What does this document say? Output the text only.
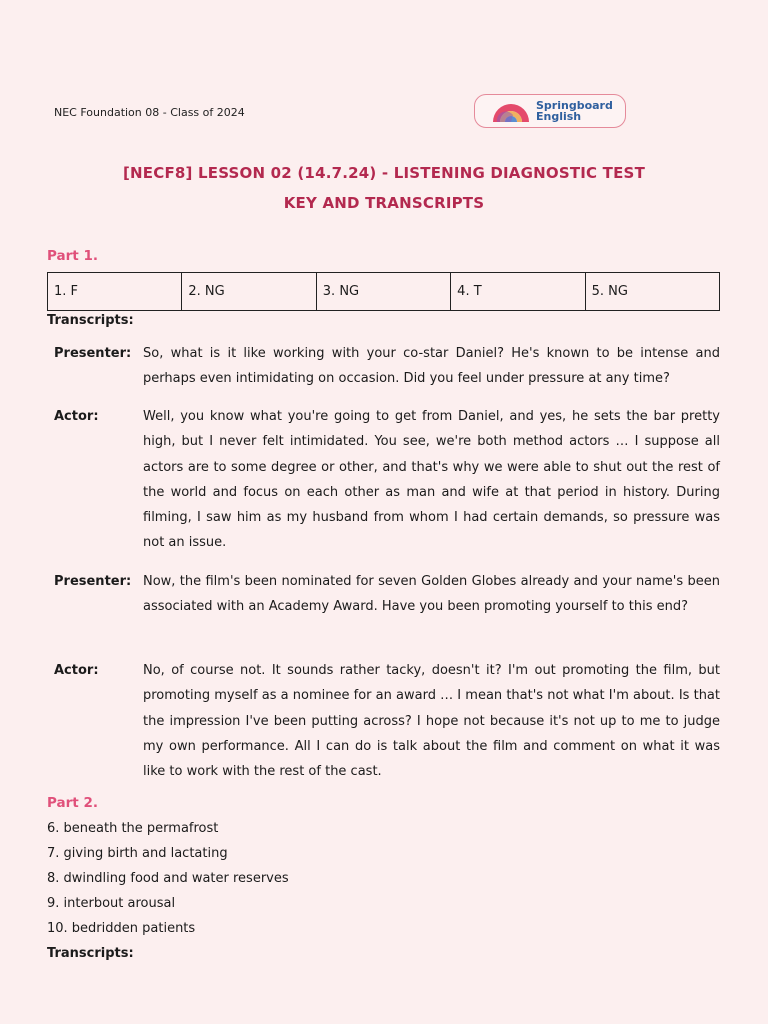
NEC Foundation 08 - Class of 2024
Springboard
English
[NECF8] LESSON 02 (14.7.24) - LISTENING DIAGNOSTIC TEST
KEY AND TRANSCRIPTS
Part 1.
1. F	2. NG	3. NG	4. T	5. NG
Transcripts:
Presenter: So, what is it like working with your co-star Daniel? He's known to be intense and perhaps even intimidating on occasion. Did you feel under pressure at any time?
Actor:	Well, you know what you're going to get from Daniel, and yes, he sets the bar pretty high, but I never felt intimidated. You see, we're both method actors … I suppose all actors are to some degree or other, and that's why we were able to shut out the rest of the world and focus on each other as man and wife at that period in history. During filming, I saw him as my husband from whom I had certain demands, so pressure was not an issue.
Presenter: Now, the film's been nominated for seven Golden Globes already and your name's been associated with an Academy Award. Have you been promoting yourself to this end?
Actor:	No, of course not. It sounds rather tacky, doesn't it? I'm out promoting the film, but promoting myself as a nominee for an award … I mean that's not what I'm about. Is that the impression I've been putting across? I hope not because it's not up to me to judge my own performance. All I can do is talk about the film and comment on what it was like to work with the rest of the cast.
Part 2.
6. beneath the permafrost
7. giving birth and lactating
8. dwindling food and water reserves
9. interbout arousal
10. bedridden patients
Transcripts:
